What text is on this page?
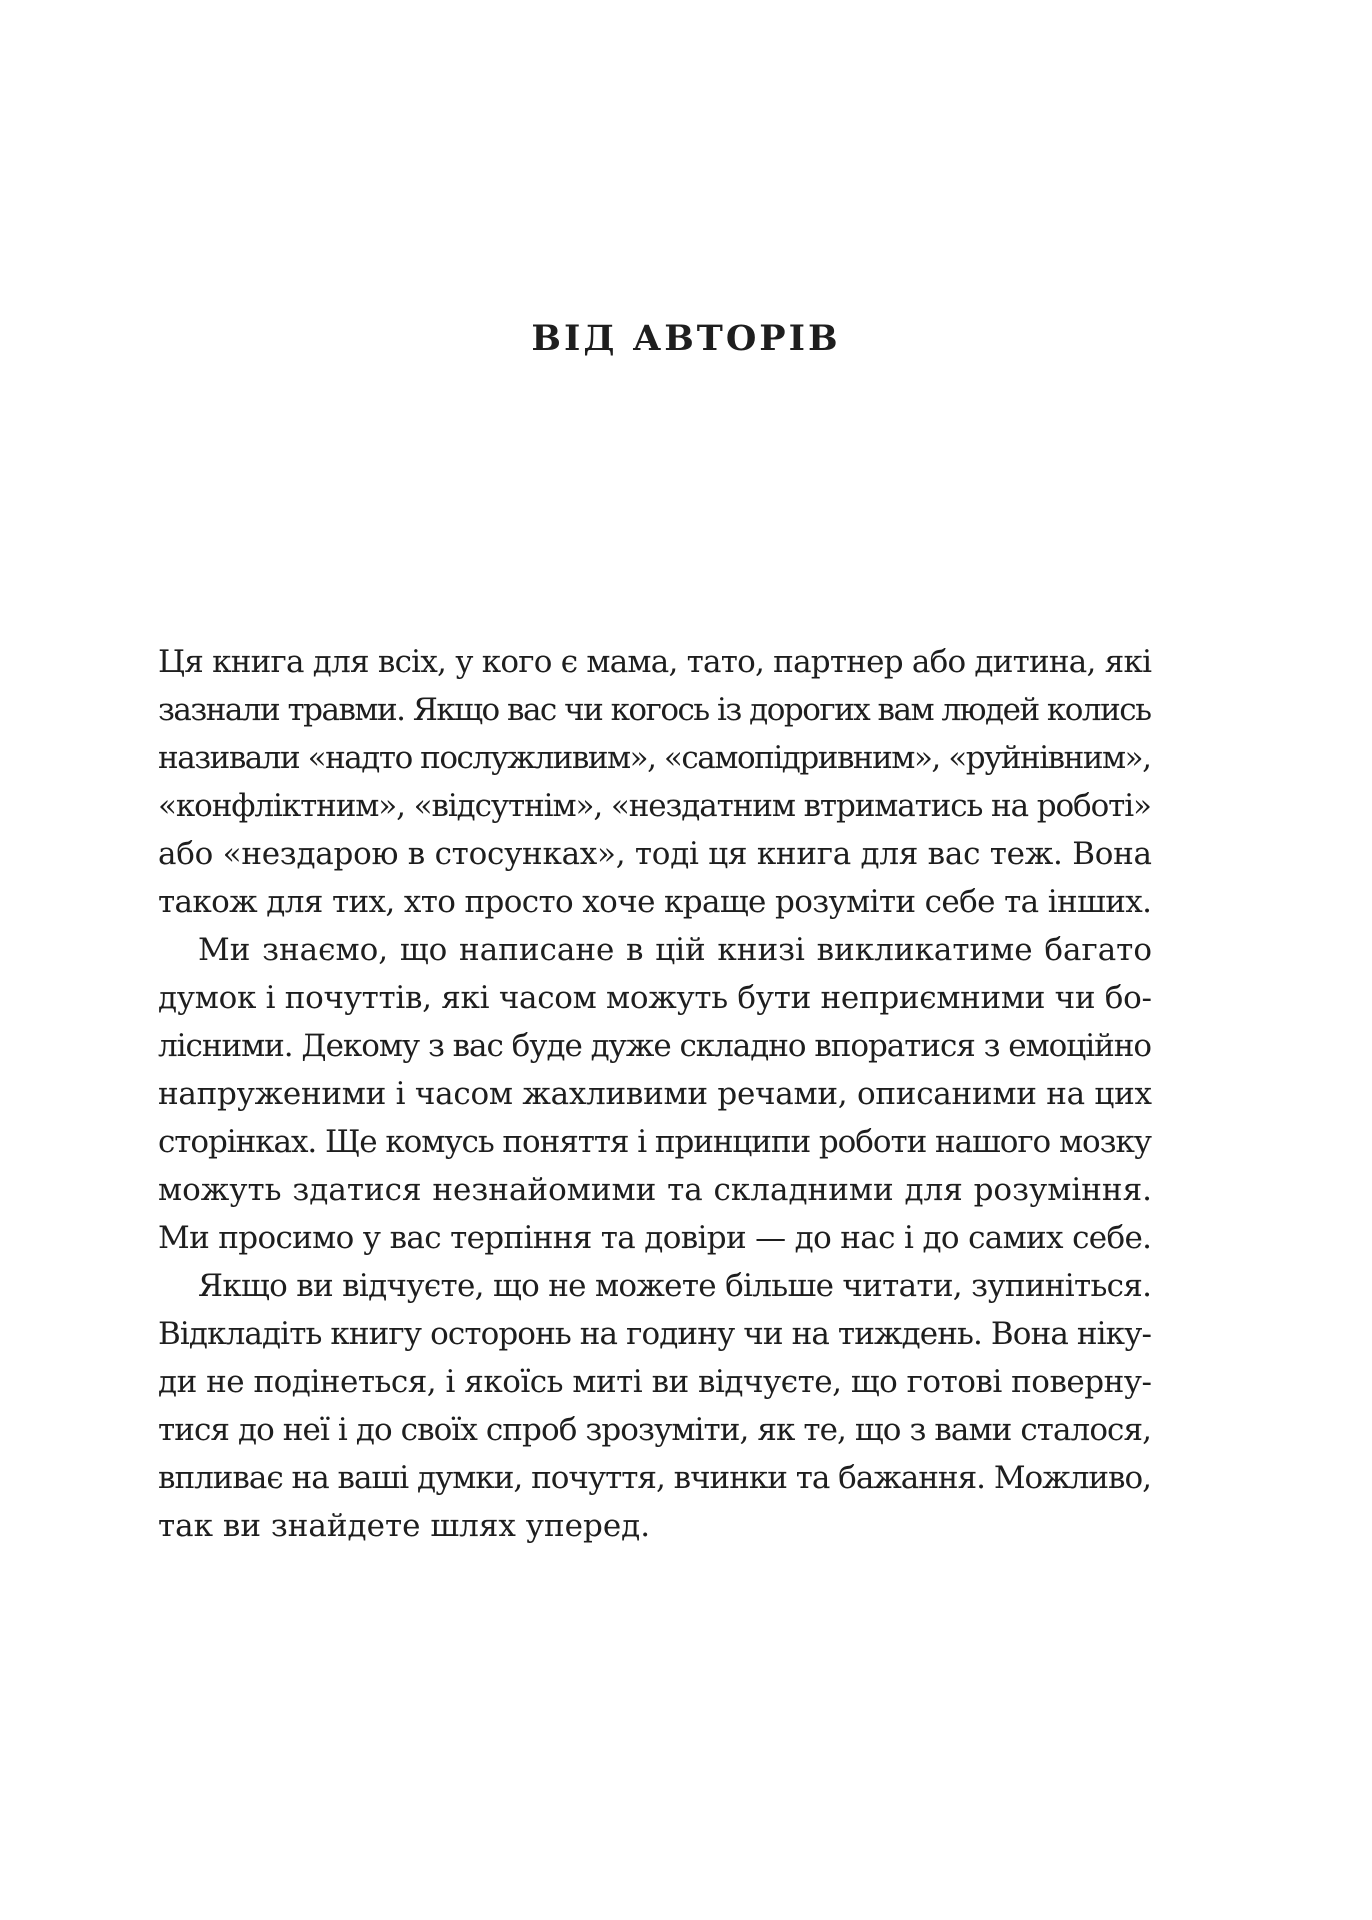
ВІД АВТОРІВ

Ця книга для всіх, у кого є мама, тато, партнер або дитина, які
зазнали травми. Якщо вас чи когось із дорогих вам людей колись
називали «надто послужливим», «самопідривним», «руйнівним»,
«конфліктним», «відсутнім», «нездатним втриматись на роботі»
або «нездарою в стосунках», тоді ця книга для вас теж. Вона
також для тих, хто просто хоче краще розуміти себе та інших.

Ми знаємо, що написане в цій книзі викликатиме багато
думок і почуттів, які часом можуть бути неприємними чи бо-
лісними. Декому з вас буде дуже складно впоратися з емоційно
напруженими і часом жахливими речами, описаними на цих
сторінках. Ще комусь поняття і принципи роботи нашого мозку
можуть здатися незнайомими та складними для розуміння.
Ми просимо у вас терпіння та довіри — до нас і до самих себе.

Якщо ви відчуєте, що не можете більше читати, зупиніться.
Відкладіть книгу осторонь на годину чи на тиждень. Вона ніку-
ди не подінеться, і якоїсь миті ви відчуєте, що готові поверну-
тися до неї і до своїх спроб зрозуміти, як те, що з вами сталося,
впливає на ваші думки, почуття, вчинки та бажання. Можливо,
так ви знайдете шлях уперед.
